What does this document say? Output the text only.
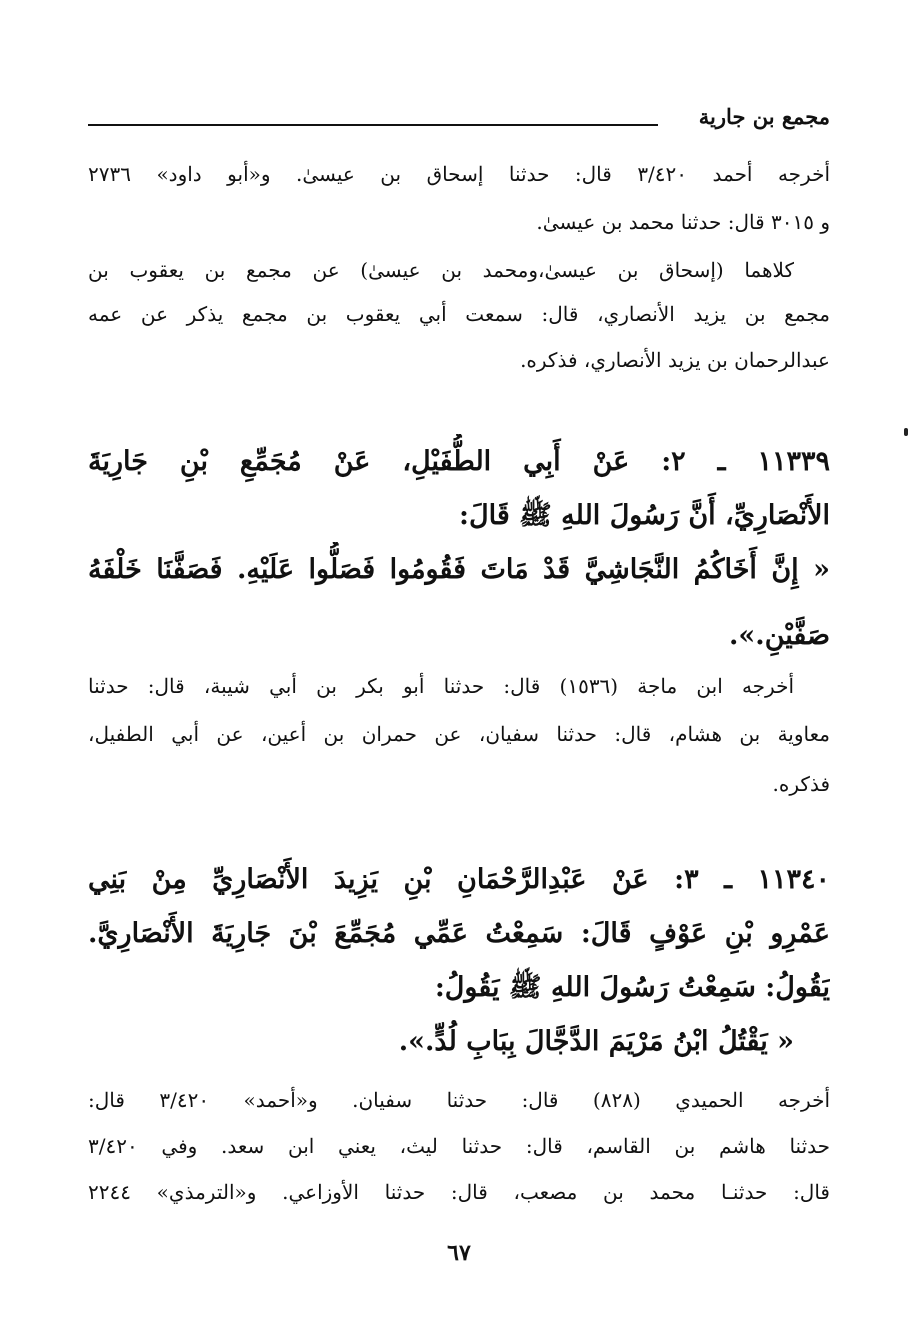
مجمع بن جارية
أخرجه أحمد ٣/٤٢٠ قال: حدثنا إسحاق بن عيسىٰ. و«أبو داود» ٢٧٣٦
و ٣٠١٥ قال: حدثنا محمد بن عيسىٰ.
كلاهما (إسحاق بن عيسىٰ،ومحمد بن عيسىٰ) عن مجمع بن يعقوب بن
مجمع بن يزيد الأنصاري، قال: سمعت أبي يعقوب بن مجمع يذكر عن عمه
عبدالرحمان بن يزيد الأنصاري، فذكره.
١١٣٣٩ ـ ٢: عَنْ أَبِي الطُّفَيْلِ، عَنْ مُجَمِّعِ بْنِ جَارِيَةَ
الأَنْصَارِيِّ، أَنَّ رَسُولَ اللهِ ﷺ قَالَ:
« إِنَّ أَخَاكُمُ النَّجَاشِيَّ قَدْ مَاتَ فَقُومُوا فَصَلُّوا عَلَيْهِ. فَصَفَّنَا خَلْفَهُ
صَفَّيْنِ.».
أخرجه ابن ماجة (١٥٣٦) قال: حدثنا أبو بكر بن أبي شيبة، قال: حدثنا
معاوية بن هشام، قال: حدثنا سفيان، عن حمران بن أعين، عن أبي الطفيل،
فذكره.
١١٣٤٠ ـ ٣: عَنْ عَبْدِالرَّحْمَانِ بْنِ يَزِيدَ الأَنْصَارِيِّ مِنْ بَنِي
عَمْرِو بْنِ عَوْفٍ قَالَ: سَمِعْتُ عَمِّي مُجَمِّعَ بْنَ جَارِيَةَ الأَنْصَارِيَّ.
يَقُولُ: سَمِعْتُ رَسُولَ اللهِ ﷺ يَقُولُ:
« يَقْتُلُ ابْنُ مَرْيَمَ الدَّجَّالَ بِبَابِ لُدٍّ.».
أخرجه الحميدي (٨٢٨) قال: حدثنا سفيان. و«أحمد» ٣/٤٢٠ قال:
حدثنا هاشم بن القاسم، قال: حدثنا ليث، يعني ابن سعد. وفي ٣/٤٢٠
قال: حدثنـا محمد بن مصعب، قال: حدثنا الأوزاعي. و«الترمذي» ٢٢٤٤
٦٧
